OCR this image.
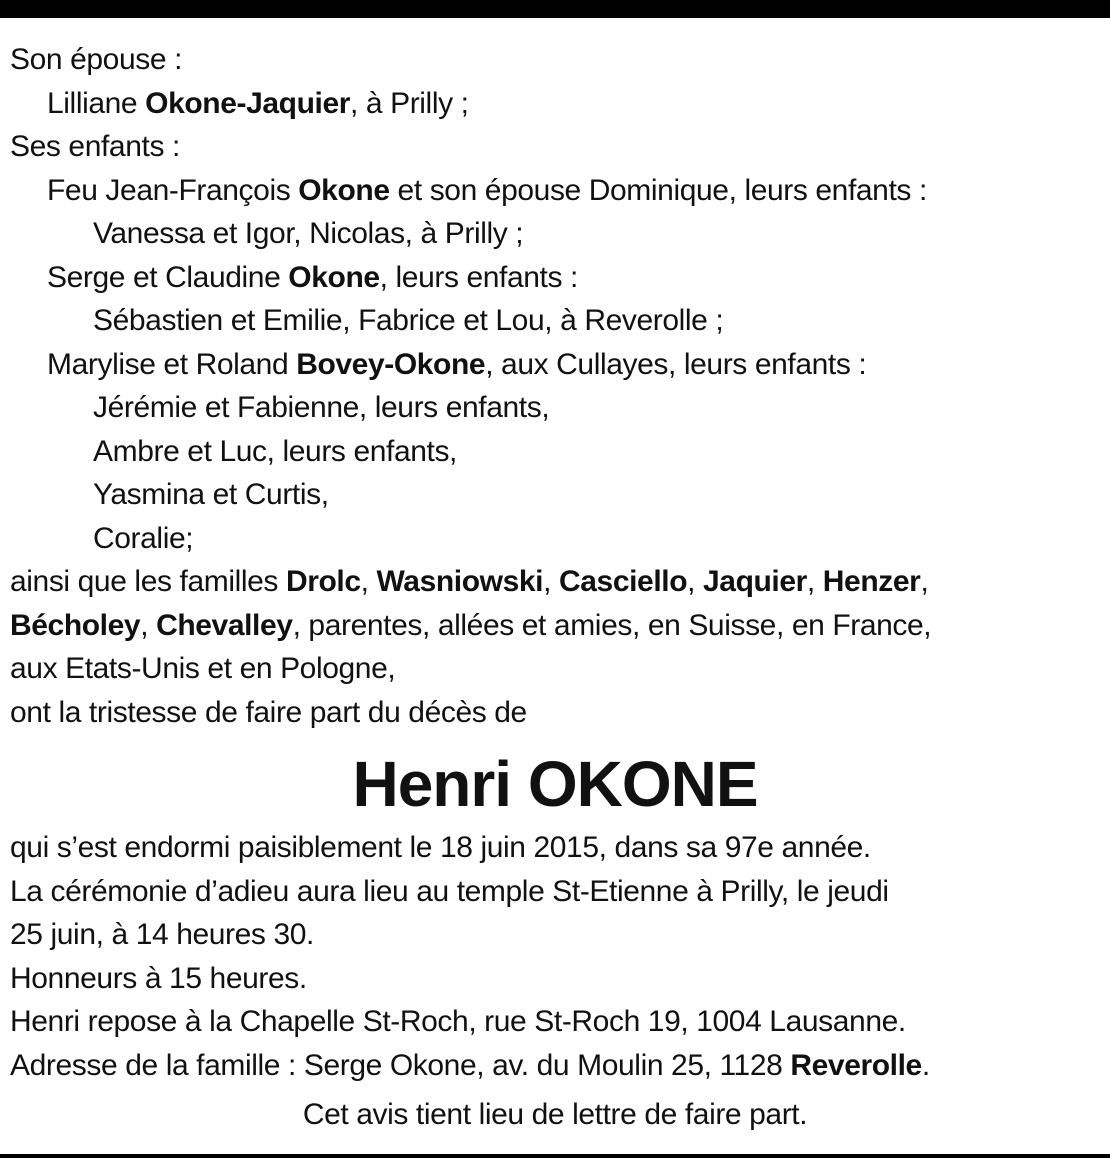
Son épouse :
Lilliane Okone-Jaquier, à Prilly ;
Ses enfants :
Feu Jean-François Okone et son épouse Dominique, leurs enfants :
Vanessa et Igor, Nicolas, à Prilly ;
Serge et Claudine Okone, leurs enfants :
Sébastien et Emilie, Fabrice et Lou, à Reverolle ;
Marylise et Roland Bovey-Okone, aux Cullayes, leurs enfants :
Jérémie et Fabienne, leurs enfants,
Ambre et Luc, leurs enfants,
Yasmina et Curtis,
Coralie;
ainsi que les familles Drolc, Wasniowski, Casciello, Jaquier, Henzer,
Bécholey, Chevalley, parentes, allées et amies, en Suisse, en France,
aux Etats-Unis et en Pologne,
ont la tristesse de faire part du décès de
Henri OKONE
qui s’est endormi paisiblement le 18 juin 2015, dans sa 97e année.
La cérémonie d’adieu aura lieu au temple St-Etienne à Prilly, le jeudi
25 juin, à 14 heures 30.
Honneurs à 15 heures.
Henri repose à la Chapelle St-Roch, rue St-Roch 19, 1004 Lausanne.
Adresse de la famille : Serge Okone, av. du Moulin 25, 1128 Reverolle.
Cet avis tient lieu de lettre de faire part.
